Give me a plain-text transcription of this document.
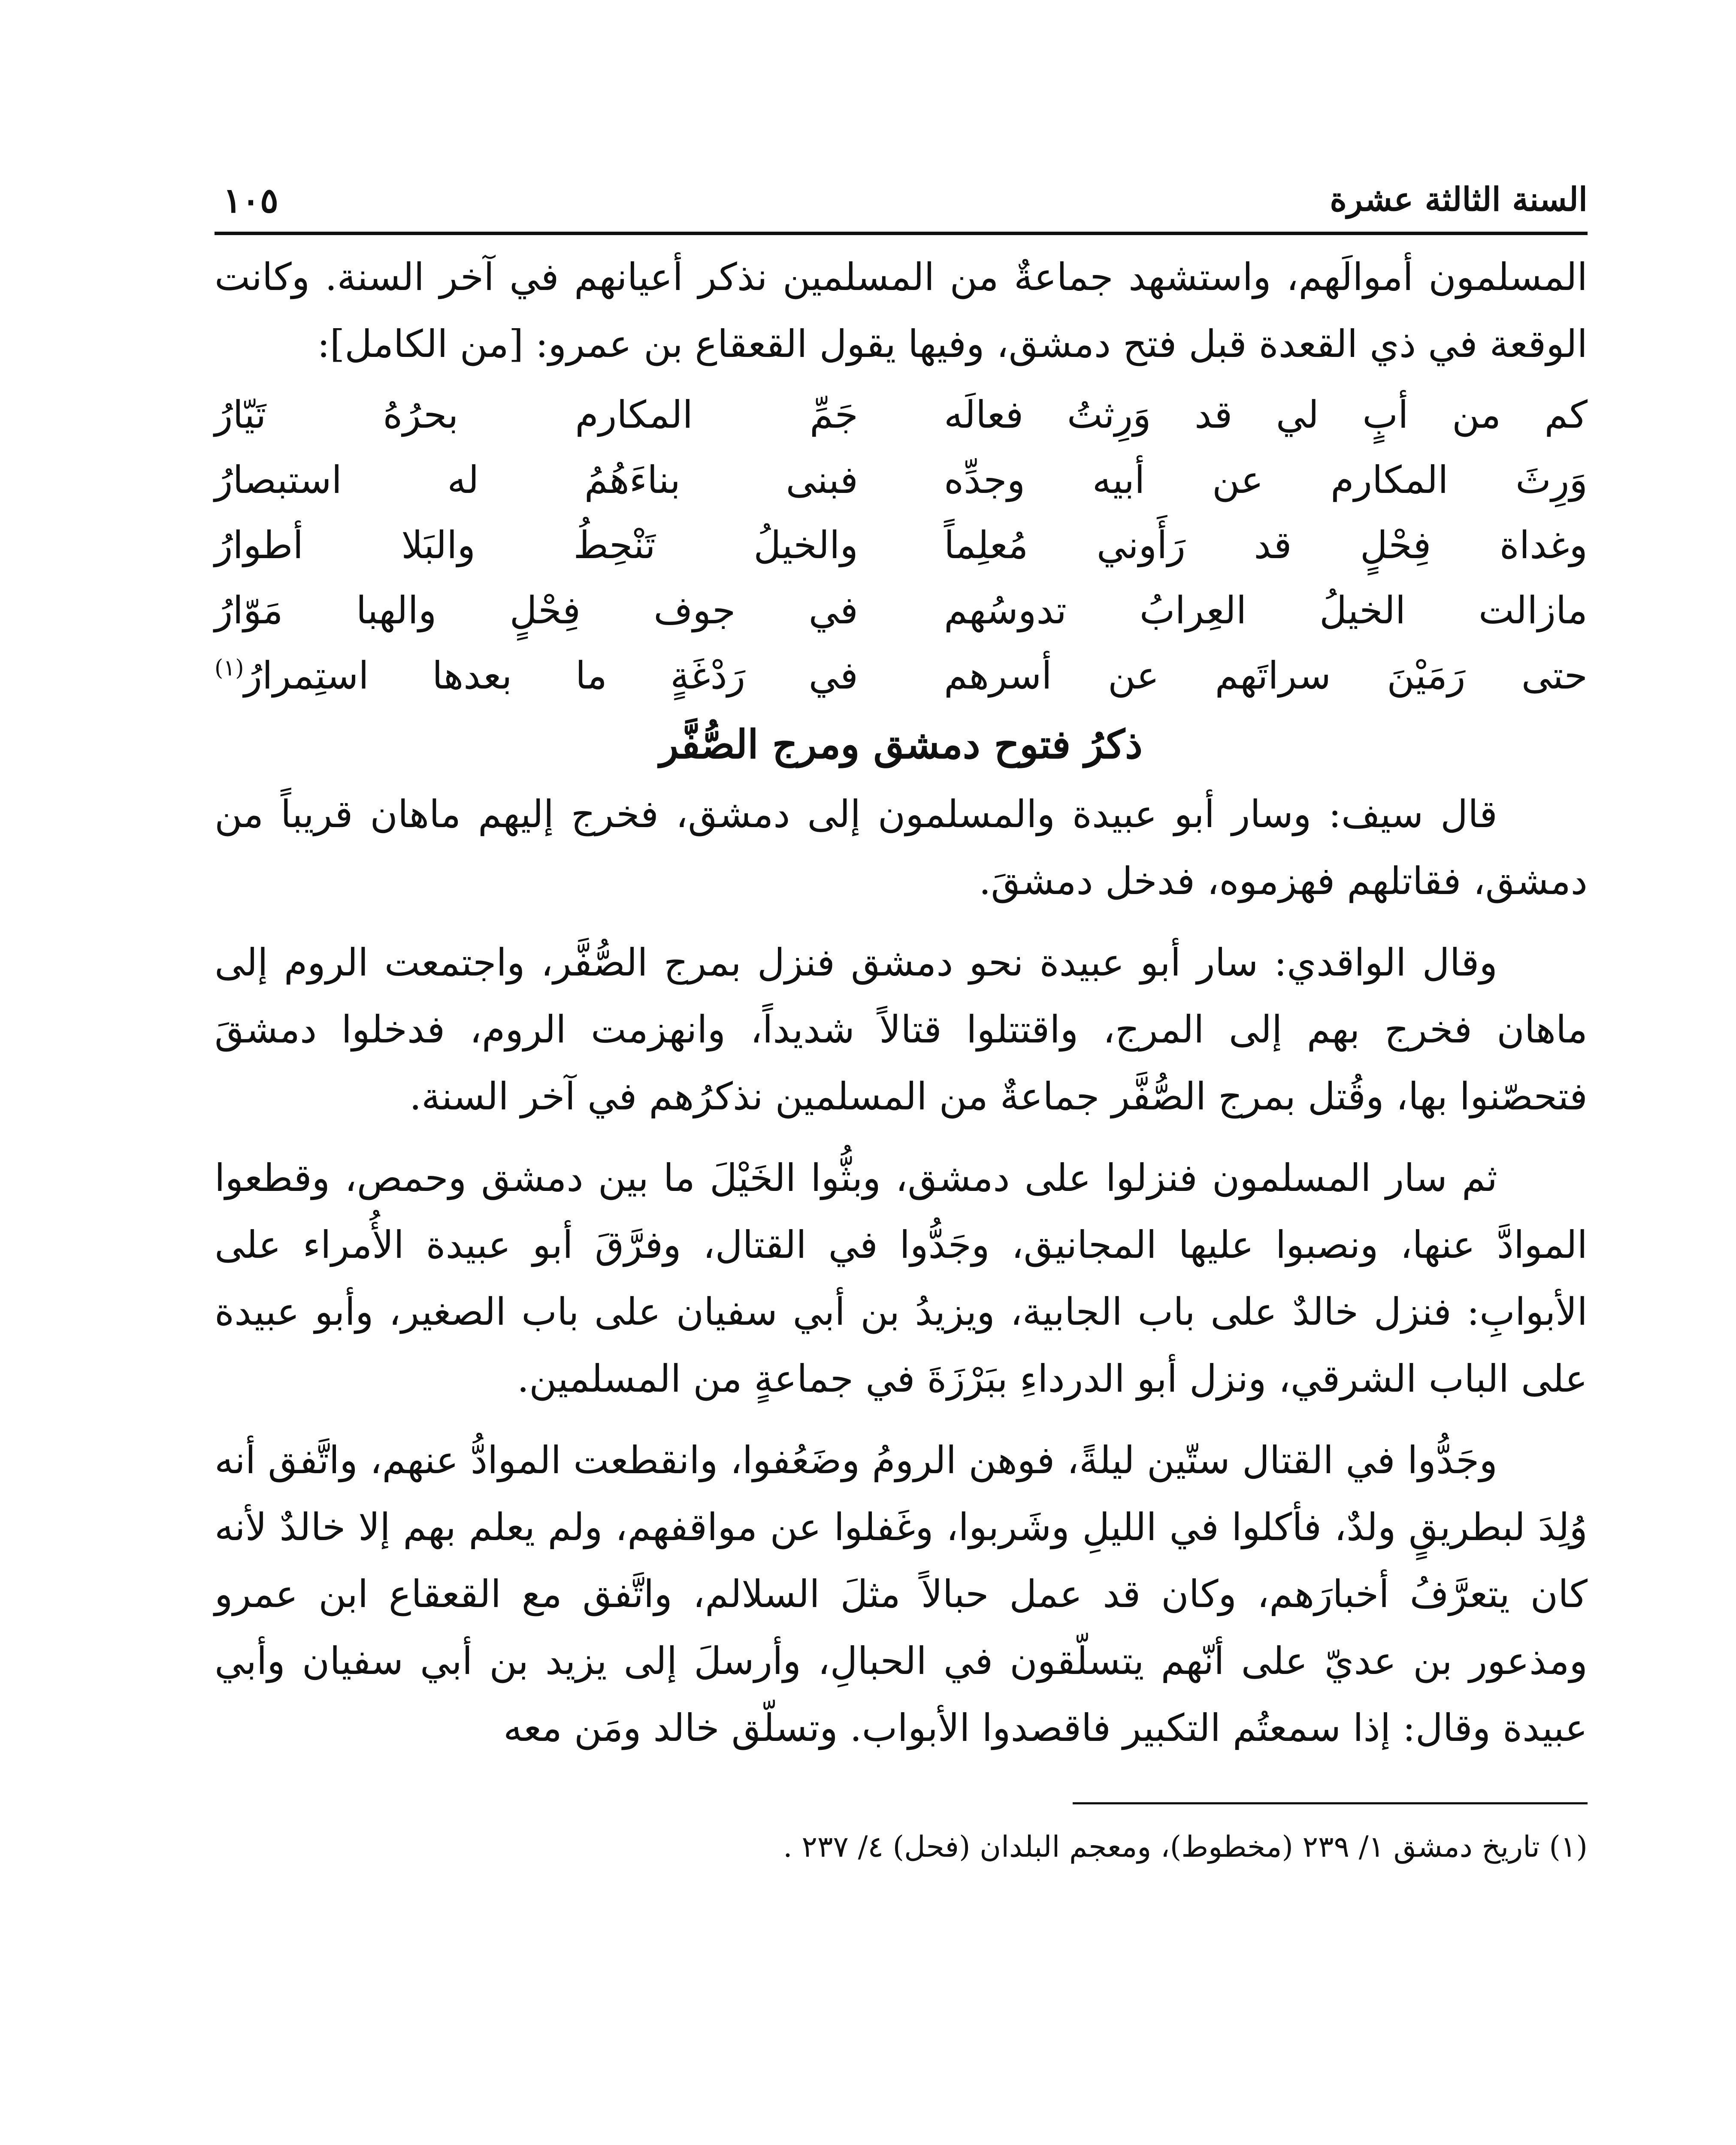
السنة الثالثة عشرة
١٠٥

المسلمون أموالَهم، واستشهد جماعةٌ من المسلمين نذكر أعيانهم في آخر السنة. وكانت الوقعة في ذي القعدة قبل فتح دمشق، وفيها يقول القعقاع بن عمرو: [من الكامل]:

كم من أبٍ لي قد وَرِثتُ فعالَه
جَمِّ المكارم بحرُهُ تَيّارُ
وَرِثَ المكارم عن أبيه وجدِّه
فبنى بناءَهُمُ له استبصارُ
وغداة فِحْلٍ قد رَأَوني مُعلِماً
والخيلُ تَنْحِطُ والبَلا أطوارُ
مازالت الخيلُ العِرابُ تدوسُهم
في جوف فِحْلٍ والهبا مَوّارُ
حتى رَمَيْنَ سراتَهم عن أسرهم
في رَدْغَةٍ ما بعدها استِمرارُ$^{(١)}$
ذكرُ فتوح دمشق ومرج الصُّفَّر

قال سيف: وسار أبو عبيدة والمسلمون إلى دمشق، فخرج إليهم ماهان قريباً من دمشق، فقاتلهم فهزموه، فدخل دمشقَ.

وقال الواقدي: سار أبو عبيدة نحو دمشق فنزل بمرج الصُّفَّر، واجتمعت الروم إلى ماهان فخرج بهم إلى المرج، واقتتلوا قتالاً شديداً، وانهزمت الروم، فدخلوا دمشقَ فتحصّنوا بها، وقُتل بمرج الصُّفَّر جماعةٌ من المسلمين نذكرُهم في آخر السنة.

ثم سار المسلمون فنزلوا على دمشق، وبثُّوا الخَيْلَ ما بين دمشق وحمص، وقطعوا الموادَّ عنها، ونصبوا عليها المجانيق، وجَدُّوا في القتال، وفرَّقَ أبو عبيدة الأُمراء على الأبوابِ: فنزل خالدٌ على باب الجابية، ويزيدُ بن أبي سفيان على باب الصغير، وأبو عبيدة على الباب الشرقي، ونزل أبو الدرداءِ ببَرْزَةَ في جماعةٍ من المسلمين.

وجَدُّوا في القتال ستّين ليلةً، فوهن الرومُ وضَعُفوا، وانقطعت الموادُّ عنهم، واتَّفق أنه وُلِدَ لبطريقٍ ولدٌ، فأكلوا في الليلِ وشَربوا، وغَفلوا عن مواقفهم، ولم يعلم بهم إلا خالدٌ لأنه كان يتعرَّفُ أخبارَهم، وكان قد عمل حبالاً مثلَ السلالم، واتَّفق مع القعقاع ابن عمرو ومذعور بن عديّ على أنّهم يتسلّقون في الحبالِ، وأرسلَ إلى يزيد بن أبي سفيان وأبي عبيدة وقال: إذا سمعتُم التكبير فاقصدوا الأبواب. وتسلّق خالد ومَن معه

(١) تاريخ دمشق ١/ ٢٣٩ (مخطوط)، ومعجم البلدان (فحل) ٤/ ٢٣٧ .
